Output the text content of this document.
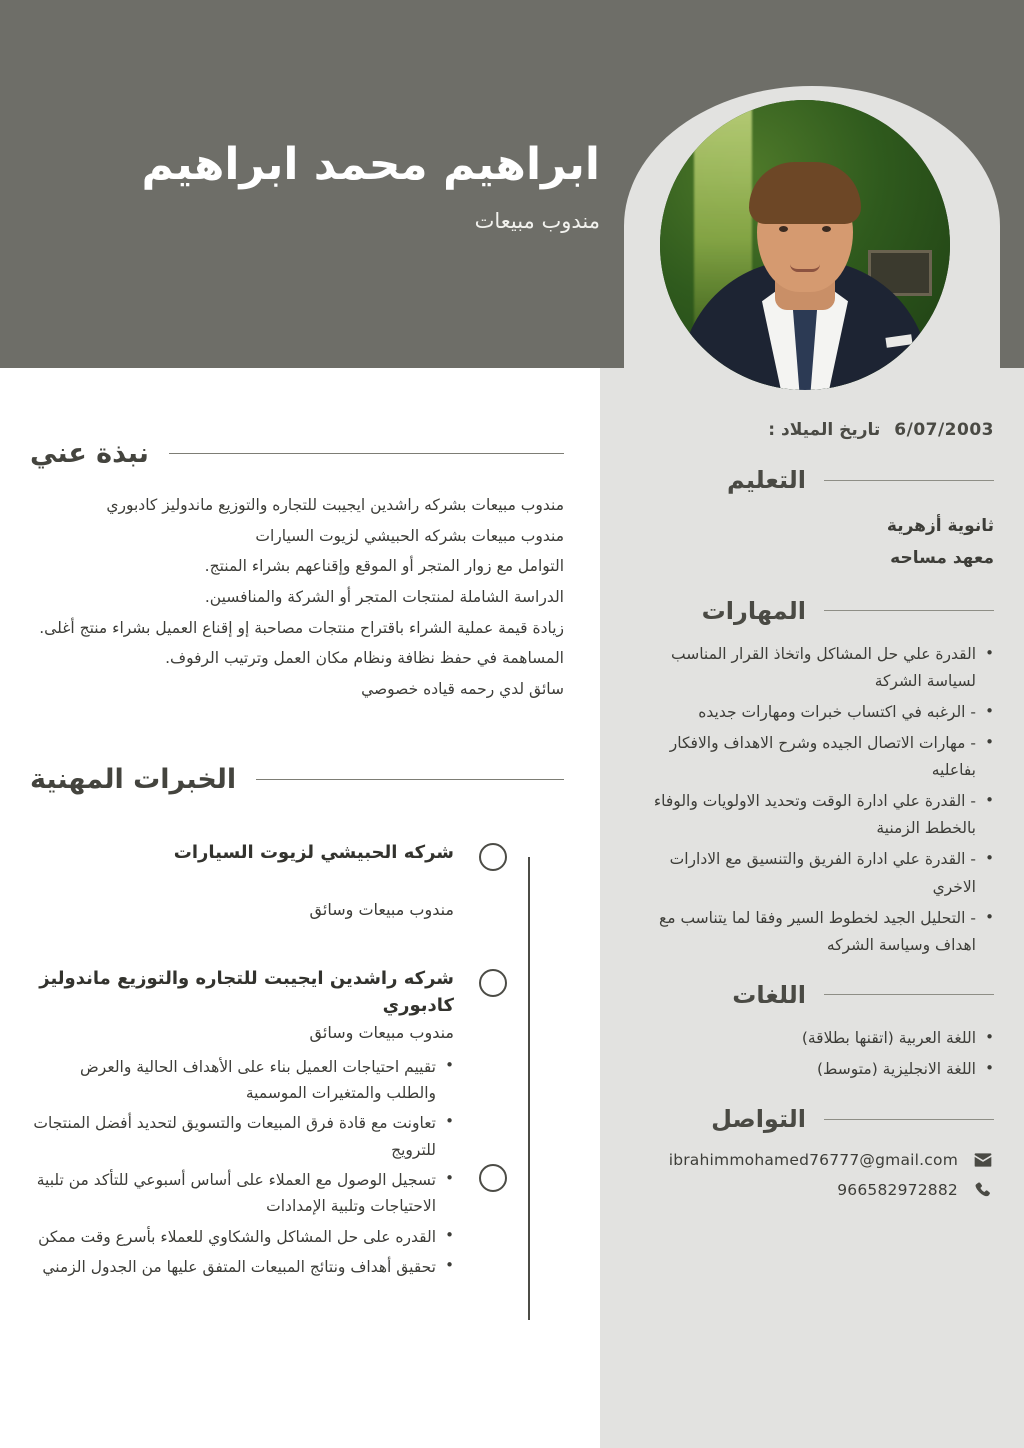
ابراهيم محمد ابراهيم
مندوب مبيعات
6/07/2003
تاريخ الميلاد :
التعليم
ثانوية أزهرية
معهد مساحه
المهارات
• القدرة علي حل المشاكل واتخاذ القرار المناسب لسياسة الشركة
• - الرغبه في اكتساب خبرات ومهارات جديده
• - مهارات الاتصال الجيده وشرح الاهداف والافكار بفاعليه
• - القدرة علي ادارة الوقت وتحديد الاولويات والوفاء بالخطط الزمنية
• - القدرة علي ادارة الفريق والتنسيق مع الادارات الاخري
• - التحليل الجيد لخطوط السير وفقا لما يتناسب مع اهداف وسياسة الشركه
اللغات
• اللغة العربية (اتقنها بطلاقة)
• اللغة الانجليزية (متوسط)
التواصل
ibrahimmohamed76777@gmail.com
966582972882
نبذة عني

مندوب مبيعات بشركه راشدين ايجيبت للتجاره والتوزيع ماندوليز كادبوري

مندوب مبيعات بشركه الحبيشي لزيوت السيارات

التوامل مع زوار المتجر أو الموقع وإقناعهم بشراء المنتج.

الدراسة الشاملة لمنتجات المتجر أو الشركة والمنافسين.

زيادة قيمة عملية الشراء باقتراح منتجات مصاحبة إو إقناع العميل بشراء منتج أغلى.

المساهمة في حفظ نظافة ونظام مكان العمل وترتيب الرفوف.

سائق لدي رحمه قياده خصوصي

الخبرات المهنية
شركه الحبيشي لزيوت السيارات
مندوب مبيعات وسائق
شركه راشدين ايجيبت للتجاره والتوزيع ماندوليز كادبوري
مندوب مبيعات وسائق
• تقييم احتياجات العميل بناء على الأهداف الحالية والعرض والطلب والمتغيرات الموسمية
• تعاونت مع قادة فرق المبيعات والتسويق لتحديد أفضل المنتجات للترويج
• تسجيل الوصول مع العملاء على أساس أسبوعي للتأكد من تلبية الاحتياجات وتلبية الإمدادات
• القدره على حل المشاكل والشكاوي للعملاء بأسرع وقت ممكن
• تحقيق أهداف ونتائج المبيعات المتفق عليها من الجدول الزمني
